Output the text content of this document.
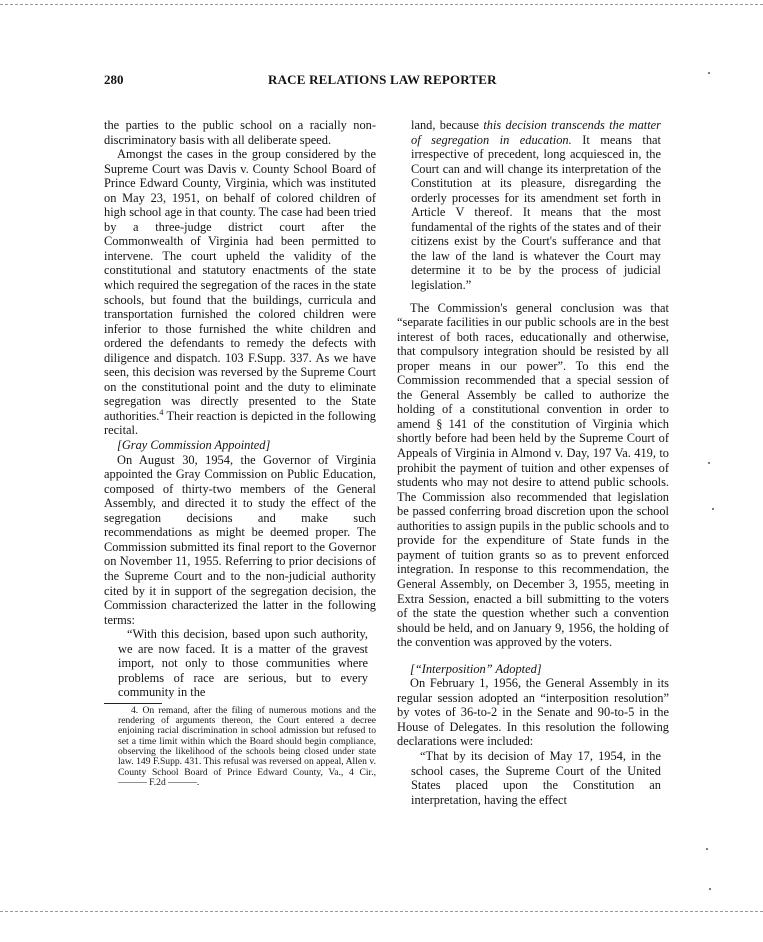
280	RACE RELATIONS LAW REPORTER

the parties to the public school on a racially non-discriminatory basis with all deliberate speed.

Amongst the cases in the group considered by the Supreme Court was Davis v. County School Board of Prince Edward County, Virginia, which was instituted on May 23, 1951, on behalf of colored children of high school age in that county. The case had been tried by a three-judge district court after the Commonwealth of Virginia had been permitted to intervene. The court upheld the validity of the constitutional and statutory enactments of the state which required the segregation of the races in the state schools, but found that the buildings, curricula and transportation furnished the colored children were inferior to those furnished the white children and ordered the defendants to remedy the defects with diligence and dispatch. 103 F.Supp. 337. As we have seen, this decision was reversed by the Supreme Court on the constitutional point and the duty to eliminate segregation was directly presented to the State authorities.$^4$ Their reaction is depicted in the following recital.

[Gray Commission Appointed]

On August 30, 1954, the Governor of Virginia appointed the Gray Commission on Public Education, composed of thirty-two members of the General Assembly, and directed it to study the effect of the segregation decisions and make such recommendations as might be deemed proper. The Commission submitted its final report to the Governor on November 11, 1955. Referring to prior decisions of the Supreme Court and to the non-judicial authority cited by it in support of the segregation decision, the Commission characterized the latter in the following terms:

“With this decision, based upon such authority, we are now faced. It is a matter of the gravest import, not only to those communities where problems of race are serious, but to every community in the

4. On remand, after the filing of numerous motions and the rendering of arguments thereon, the Court entered a decree enjoining racial discrimination in school admission but refused to set a time limit within which the Board should begin compliance, observing the likelihood of the schools being closed under state law. 149 F.Supp. 431. This refusal was reversed on appeal, Allen v. County School Board of Prince Edward County, Va., 4 Cir., ——— F.2d ———.

land, because this decision transcends the matter of segregation in education. It means that irrespective of precedent, long acquiesced in, the Court can and will change its interpretation of the Constitution at its pleasure, disregarding the orderly processes for its amendment set forth in Article V thereof. It means that the most fundamental of the rights of the states and of their citizens exist by the Court's sufferance and that the law of the land is whatever the Court may determine it to be by the process of judicial legislation.”

The Commission's general conclusion was that “separate facilities in our public schools are in the best interest of both races, educationally and otherwise, that compulsory integration should be resisted by all proper means in our power”. To this end the Commission recommended that a special session of the General Assembly be called to authorize the holding of a constitutional convention in order to amend § 141 of the constitution of Virginia which shortly before had been held by the Supreme Court of Appeals of Virginia in Almond v. Day, 197 Va. 419, to prohibit the payment of tuition and other expenses of students who may not desire to attend public schools. The Commission also recommended that legislation be passed conferring broad discretion upon the school authorities to assign pupils in the public schools and to provide for the expenditure of State funds in the payment of tuition grants so as to prevent enforced integration. In response to this recommendation, the General Assembly, on December 3, 1955, meeting in Extra Session, enacted a bill submitting to the voters of the state the question whether such a convention should be held, and on January 9, 1956, the holding of the convention was approved by the voters.

[“Interposition” Adopted]

On February 1, 1956, the General Assembly in its regular session adopted an “interposition resolution” by votes of 36-to-2 in the Senate and 90-to-5 in the House of Delegates. In this resolution the following declarations were included:

“That by its decision of May 17, 1954, in the school cases, the Supreme Court of the United States placed upon the Constitution an interpretation, having the effect
